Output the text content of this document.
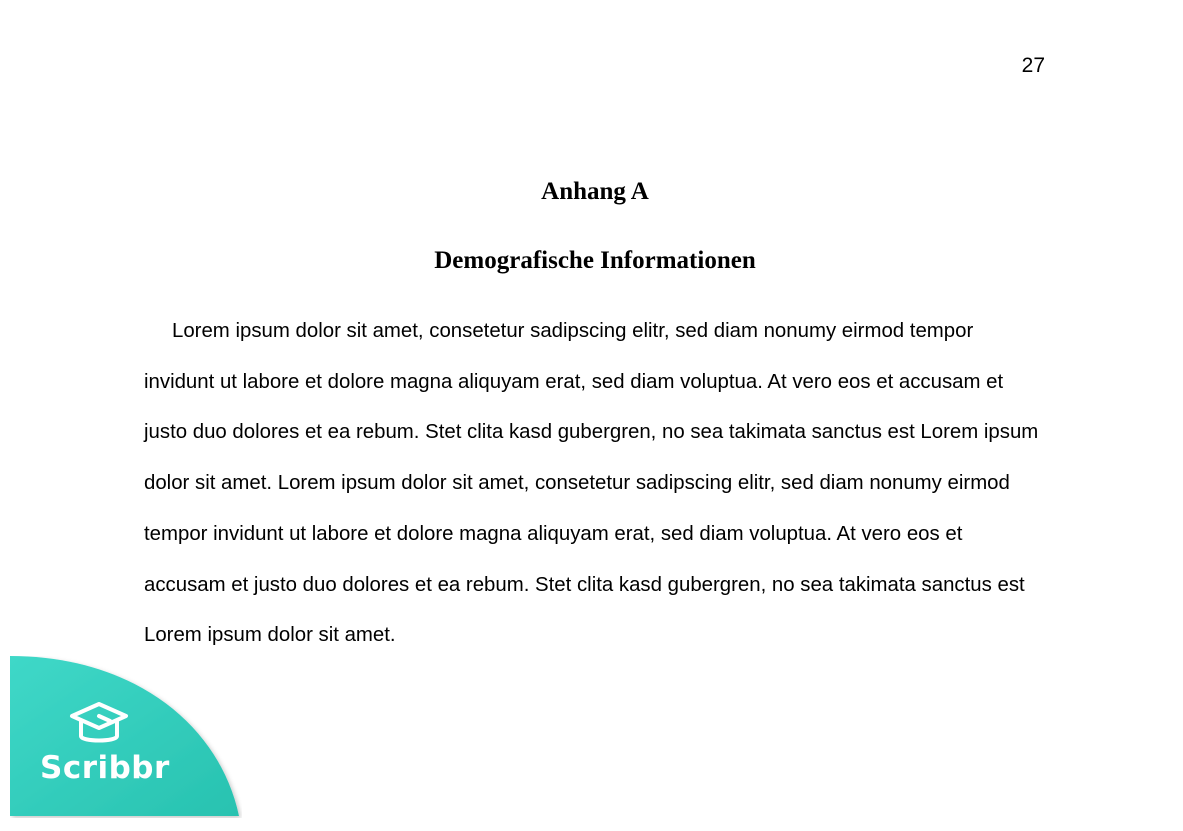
27
Anhang A
Demografische Informationen

Lorem ipsum dolor sit amet, consetetur sadipscing elitr, sed diam nonumy eirmod tempor invidunt ut labore et dolore magna aliquyam erat, sed diam voluptua. At vero eos et accusam et justo duo dolores et ea rebum. Stet clita kasd gubergren, no sea takimata sanctus est Lorem ipsum dolor sit amet. Lorem ipsum dolor sit amet, consetetur sadipscing elitr, sed diam nonumy eirmod tempor invidunt ut labore et dolore magna aliquyam erat, sed diam voluptua. At vero eos et accusam et justo duo dolores et ea rebum. Stet clita kasd gubergren, no sea takimata sanctus est Lorem ipsum dolor sit amet.

Scribbr
